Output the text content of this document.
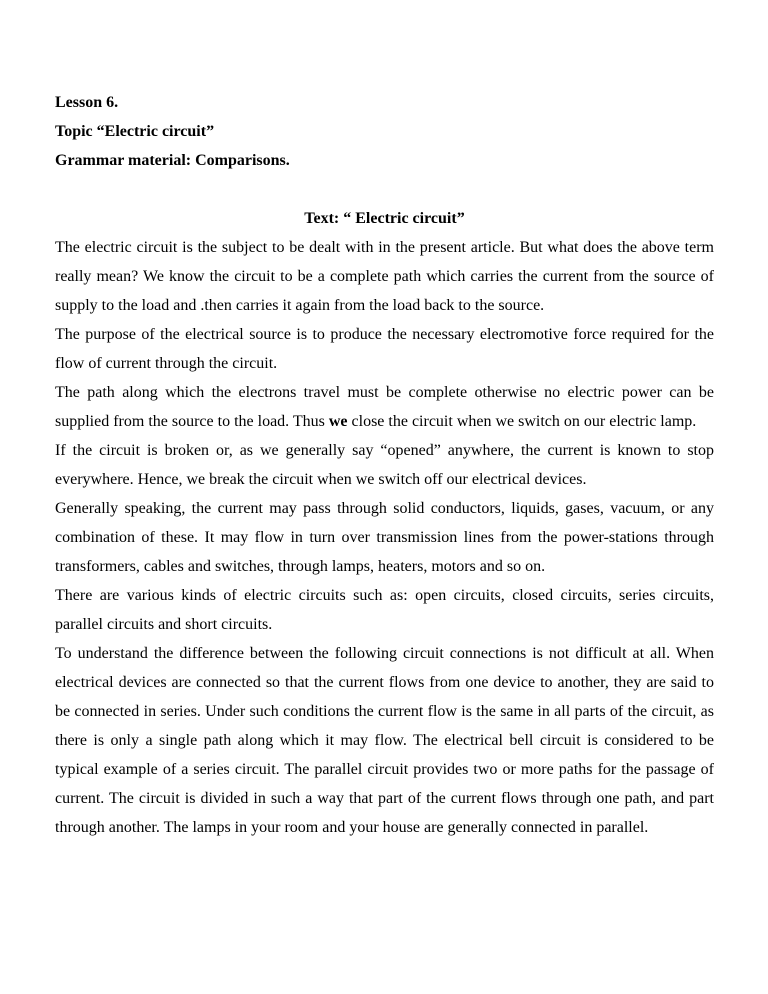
Lesson 6.

Topic “Electric circuit”

Grammar material: Comparisons.

Text: “ Electric circuit”

The electric circuit is the subject to be dealt with in the present article. But what does the above term really mean? We know the circuit to be a complete path which carries the current from the source of supply to the load and .then carries it again from the load back to the source.

The purpose of the electrical source is to produce the necessary electromotive force required for the flow of current through the circuit.

The path along which the electrons travel must be complete otherwise no electric power can be supplied from the source to the load. Thus we close the circuit when we switch on our electric lamp.

If the circuit is broken or, as we generally say “opened” anywhere, the current is known to stop everywhere. Hence, we break the circuit when we switch off our electrical devices.

Generally speaking, the current may pass through solid conductors, liquids, gases, vacuum, or any combination of these. It may flow in turn over transmission lines from the power-stations through transformers, cables and switches, through lamps, heaters, motors and so on.

There are various kinds of electric circuits such as: open circuits, closed circuits, series circuits, parallel circuits and short circuits.

To understand the difference between the following circuit connections is not difficult at all. When electrical devices are connected so that the current flows from one device to another, they are said to be connected in series. Under such conditions the current flow is the same in all parts of the circuit, as there is only a single path along which it may flow. The electrical bell circuit is considered to be typical example of a series circuit. The parallel circuit provides two or more paths for the passage of current. The circuit is divided in such a way that part of the current flows through one path, and part through another. The lamps in your room and your house are generally connected in parallel.
